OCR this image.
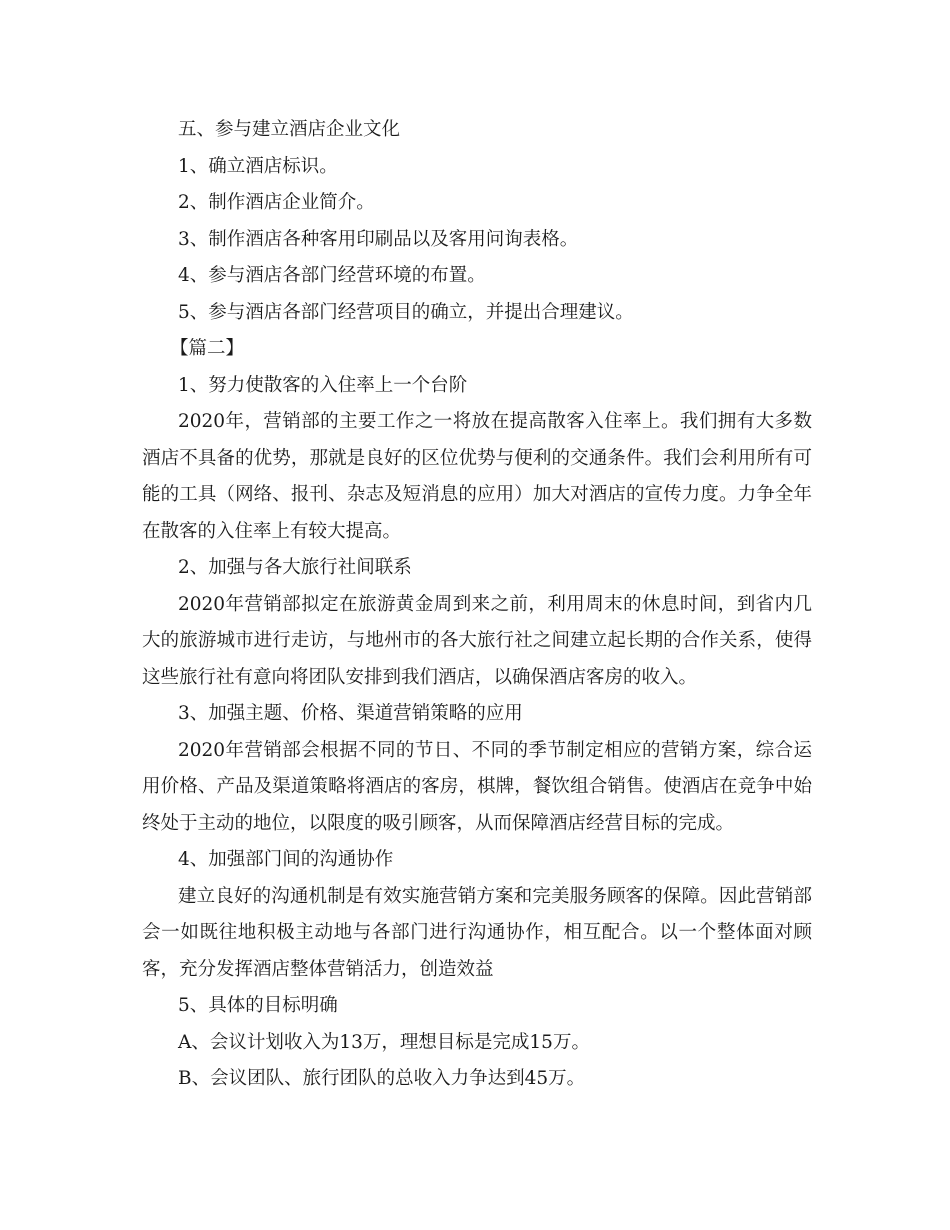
五、参与建立酒店企业文化

1、确立酒店标识。

2、制作酒店企业简介。

3、制作酒店各种客用印刷品以及客用问询表格。

4、参与酒店各部门经营环境的布置。

5、参与酒店各部门经营项目的确立，并提出合理建议。

【篇二】

1、努力使散客的入住率上一个台阶

2020年，营销部的主要工作之一将放在提高散客入住率上。我们拥有大多数酒店不具备的优势，那就是良好的区位优势与便利的交通条件。我们会利用所有可能的工具（网络、报刊、杂志及短消息的应用）加大对酒店的宣传力度。力争全年在散客的入住率上有较大提高。

2、加强与各大旅行社间联系

2020年营销部拟定在旅游黄金周到来之前，利用周末的休息时间，到省内几大的旅游城市进行走访，与地州市的各大旅行社之间建立起长期的合作关系，使得这些旅行社有意向将团队安排到我们酒店，以确保酒店客房的收入。

3、加强主题、价格、渠道营销策略的应用

2020年营销部会根据不同的节日、不同的季节制定相应的营销方案，综合运用价格、产品及渠道策略将酒店的客房，棋牌，餐饮组合销售。使酒店在竞争中始终处于主动的地位，以限度的吸引顾客，从而保障酒店经营目标的完成。

4、加强部门间的沟通协作

建立良好的沟通机制是有效实施营销方案和完美服务顾客的保障。因此营销部会一如既往地积极主动地与各部门进行沟通协作，相互配合。以一个整体面对顾客，充分发挥酒店整体营销活力，创造效益

5、具体的目标明确

A、会议计划收入为13万，理想目标是完成15万。

B、会议团队、旅行团队的总收入力争达到45万。
